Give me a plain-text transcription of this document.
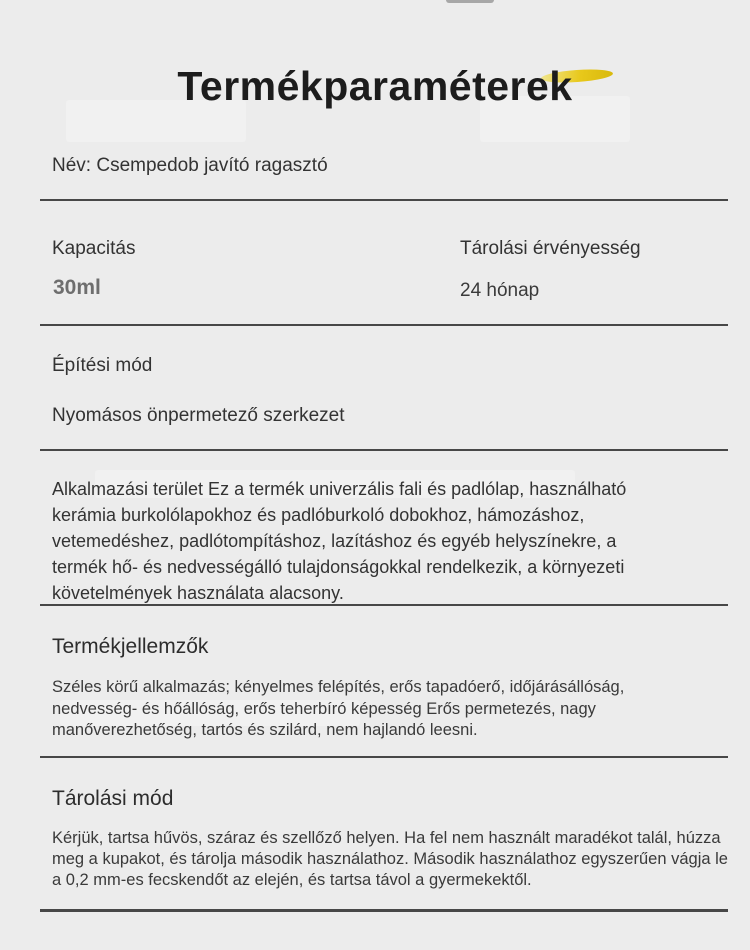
Termékparaméterek
Név: Csempedob javító ragasztó
Kapacitás
30ml
Tárolási érvényesség
24 hónap
Építési mód
Nyomásos önpermetező szerkezet
Alkalmazási terület Ez a termék univerzális fali és padlólap, használható kerámia burkolólapokhoz és padlóburkoló dobokhoz, hámozáshoz, vetemedéshez, padlótompításhoz, lazításhoz és egyéb helyszínekre, a termék hő- és nedvességálló tulajdonságokkal rendelkezik, a környezeti követelmények használata alacsony.
Termékjellemzők
Széles körű alkalmazás; kényelmes felépítés, erős tapadóerő, időjárásállóság, nedvesség- és hőállóság, erős teherbíró képesség Erős permetezés, nagy manőverezhetőség, tartós és szilárd, nem hajlandó leesni.
Tárolási mód
Kérjük, tartsa hűvös, száraz és szellőző helyen. Ha fel nem használt maradékot talál, húzza meg a kupakot, és tárolja második használathoz. Második használathoz egyszerűen vágja le a 0,2 mm-es fecskendőt az elején, és tartsa távol a gyermekektől.
